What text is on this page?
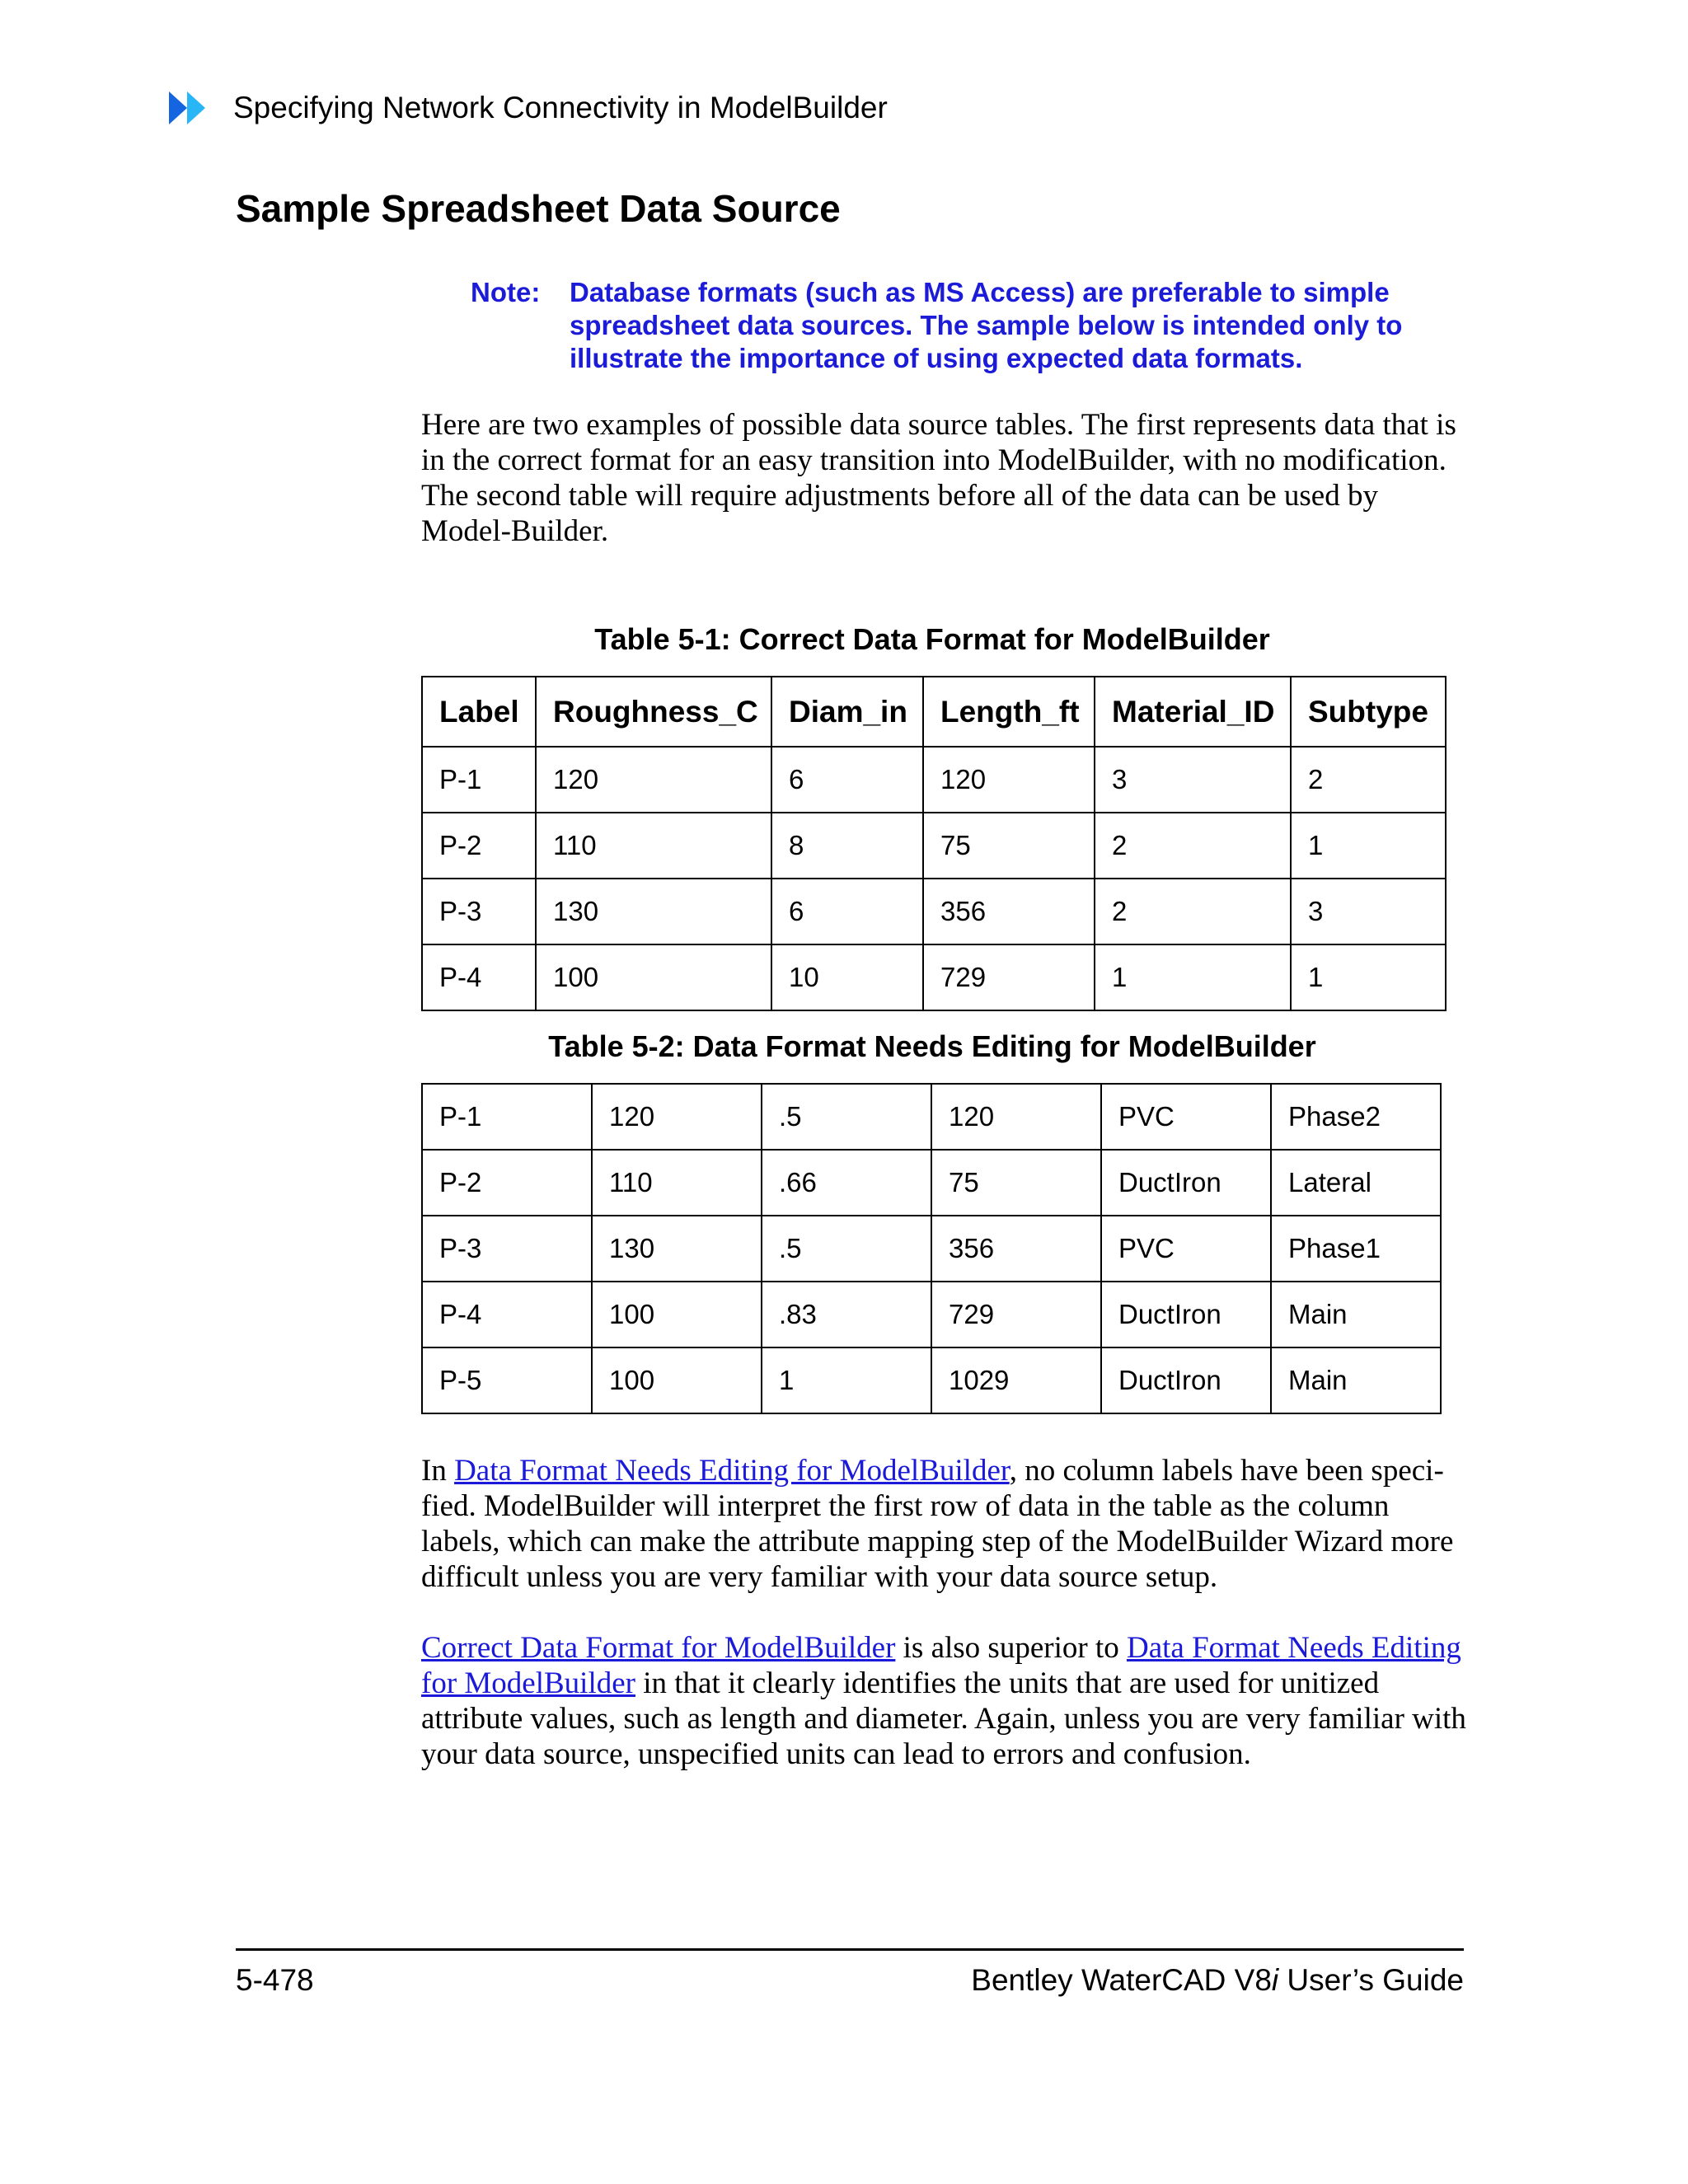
Specifying Network Connectivity in ModelBuilder
Sample Spreadsheet Data Source
Note:	Database formats (such as MS Access) are preferable to simple spreadsheet data sources. The sample below is intended only to illustrate the importance of using expected data formats.
Here are two examples of possible data source tables. The first represents data that is in the correct format for an easy transition into ModelBuilder, with no modification. The second table will require adjustments before all of the data can be used by Model-Builder.
Table 5-1: Correct Data Format for ModelBuilder
Label	Roughness_C	Diam_in	Length_ft	Material_ID	Subtype
P-1	120	6	120	3	2
P-2	110	8	75	2	1
P-3	130	6	356	2	3
P-4	100	10	729	1	1
Table 5-2: Data Format Needs Editing for ModelBuilder
P-1	120	.5	120	PVC	Phase2
P-2	110	.66	75	DuctIron	Lateral
P-3	130	.5	356	PVC	Phase1
P-4	100	.83	729	DuctIron	Main
P-5	100	1	1029	DuctIron	Main
In Data Format Needs Editing for ModelBuilder, no column labels have been speci-fied. ModelBuilder will interpret the first row of data in the table as the column labels, which can make the attribute mapping step of the ModelBuilder Wizard more difficult unless you are very familiar with your data source setup.
Correct Data Format for ModelBuilder is also superior to Data Format Needs Editing for ModelBuilder in that it clearly identifies the units that are used for unitized attribute values, such as length and diameter. Again, unless you are very familiar with your data source, unspecified units can lead to errors and confusion.
5-478	Bentley WaterCAD V8i User’s Guide
